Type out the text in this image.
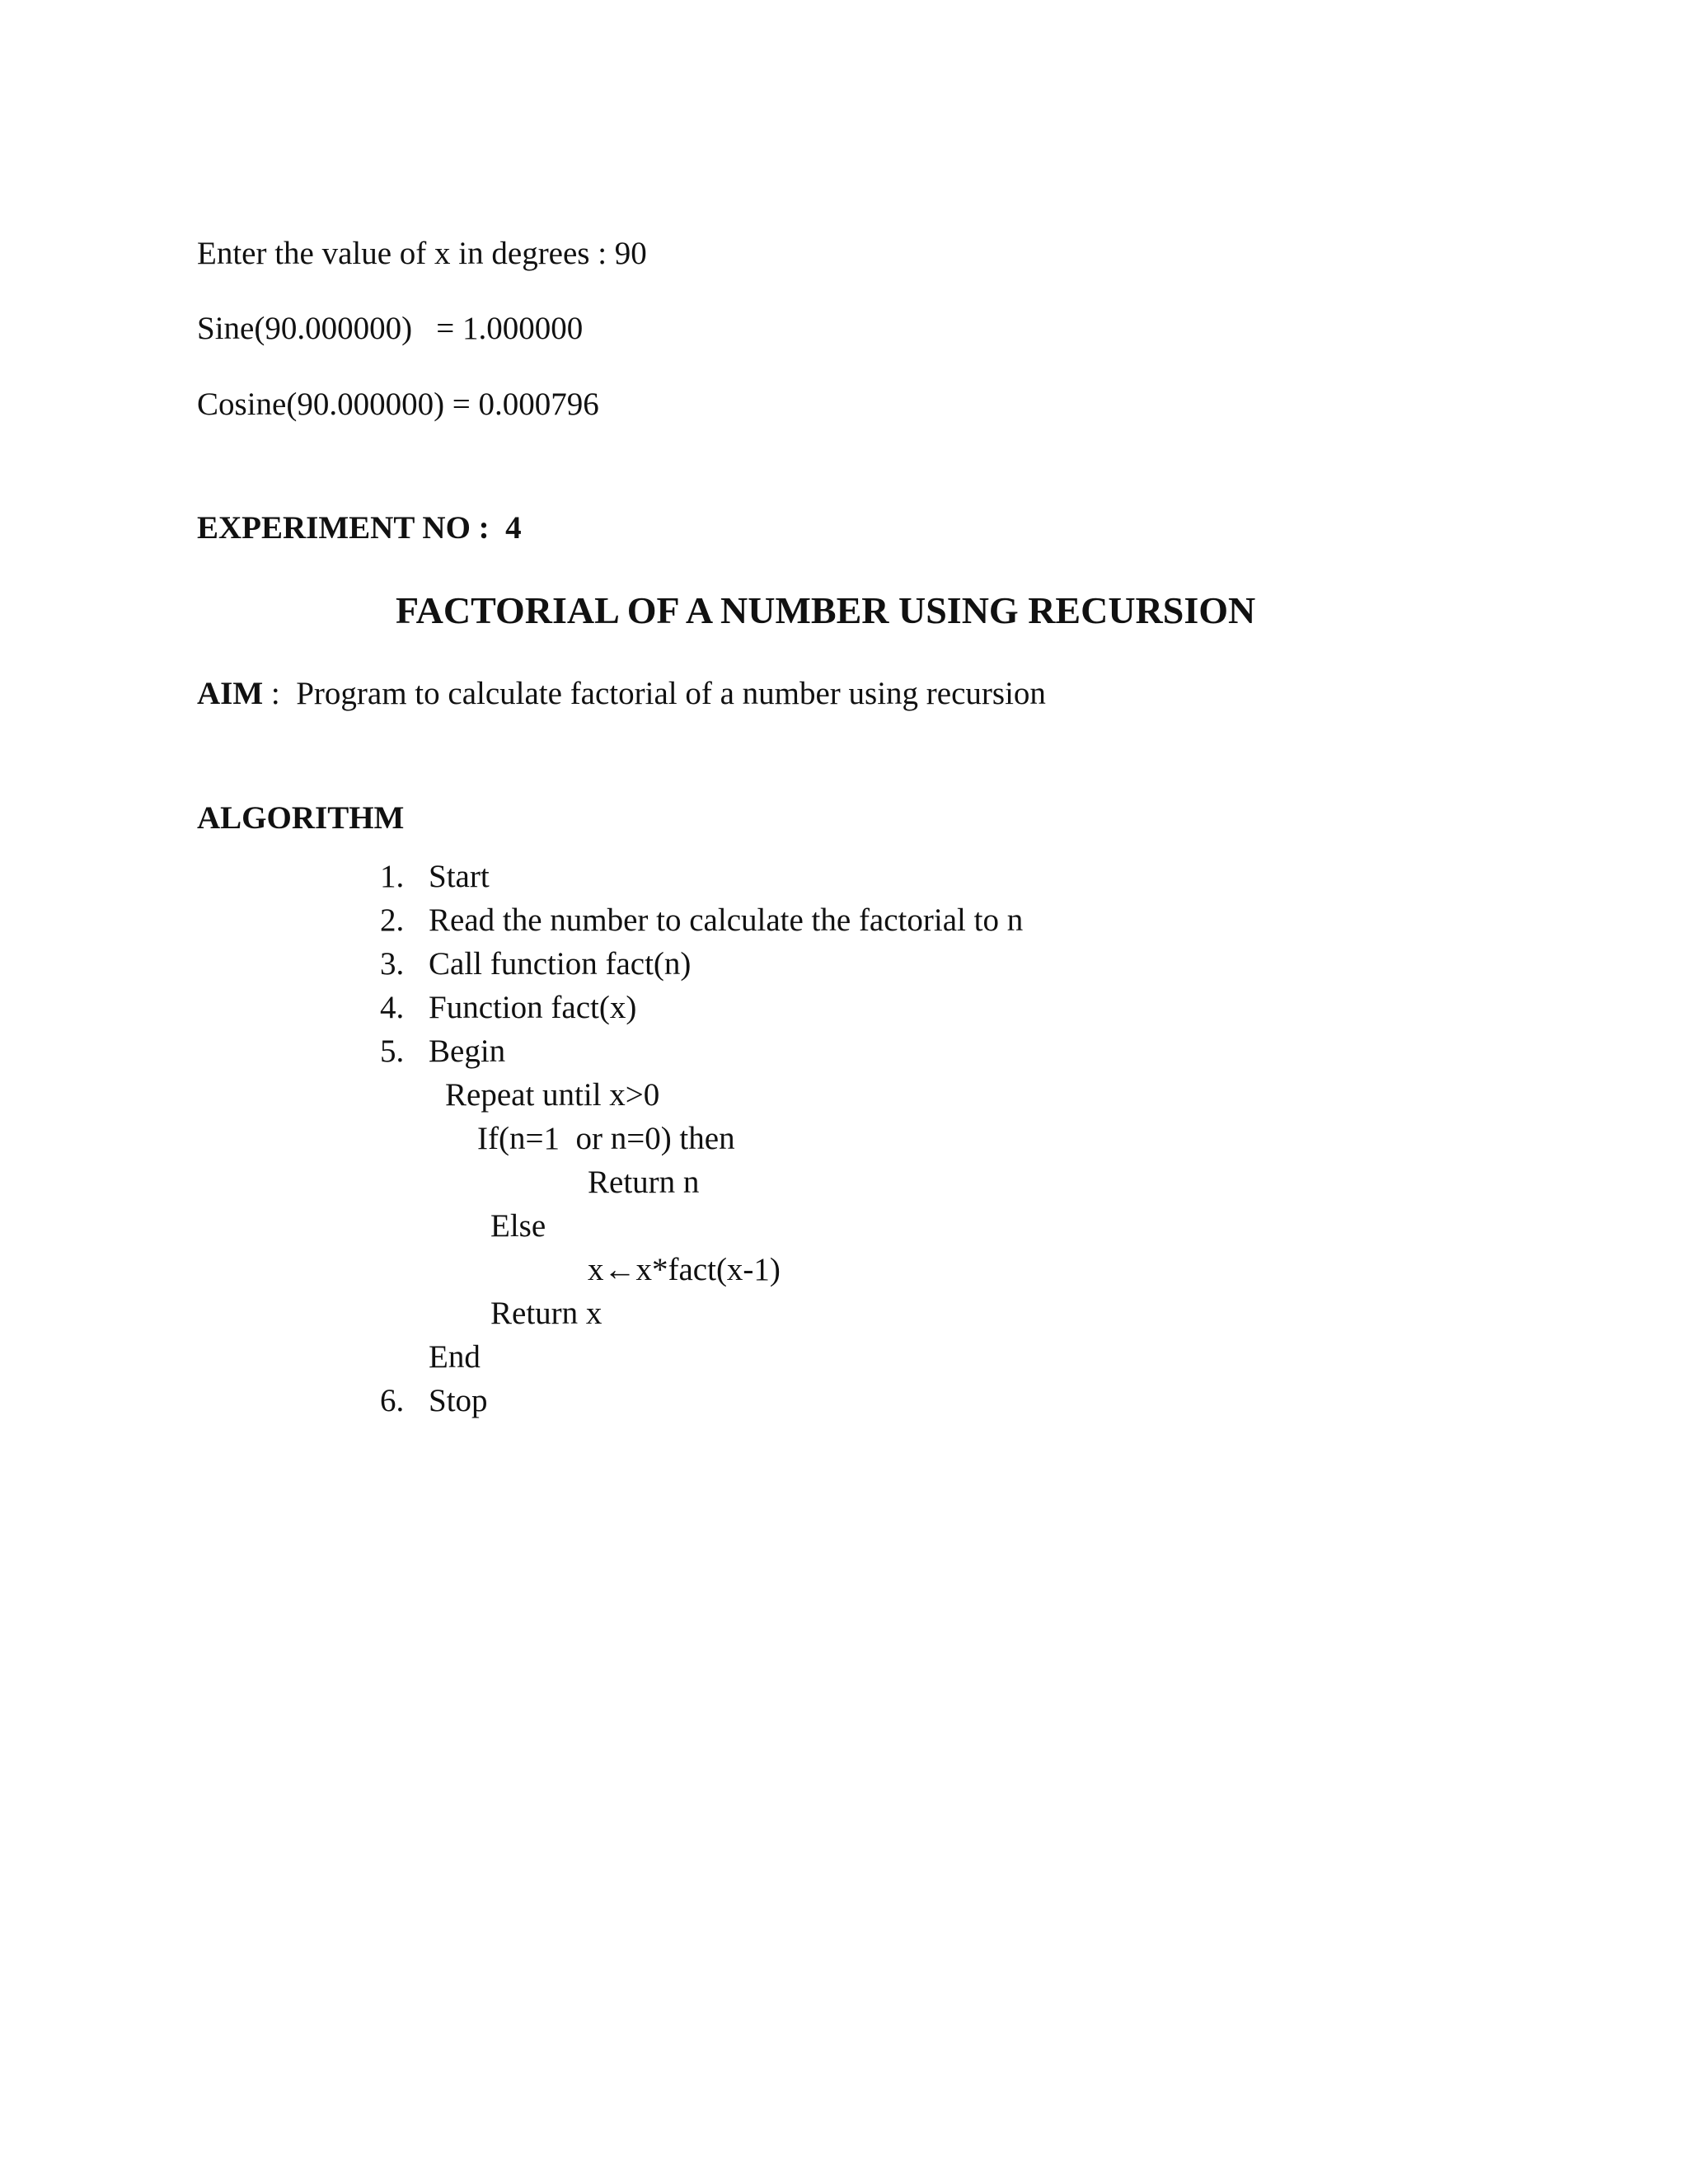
Enter the value of x in degrees : 90
Sine(90.000000)   = 1.000000
Cosine(90.000000) = 0.000796
EXPERIMENT NO :  4
FACTORIAL OF A NUMBER USING RECURSION
AIM :  Program to calculate factorial of a number using recursion
ALGORITHM
1. Start
2. Read the number to calculate the factorial to n
3. Call function fact(n)
4. Function fact(x)
5. Begin
Repeat until x>0
If(n=1  or n=0) then
Return n
Else
x←x*fact(x-1)
Return x
End
6. Stop
